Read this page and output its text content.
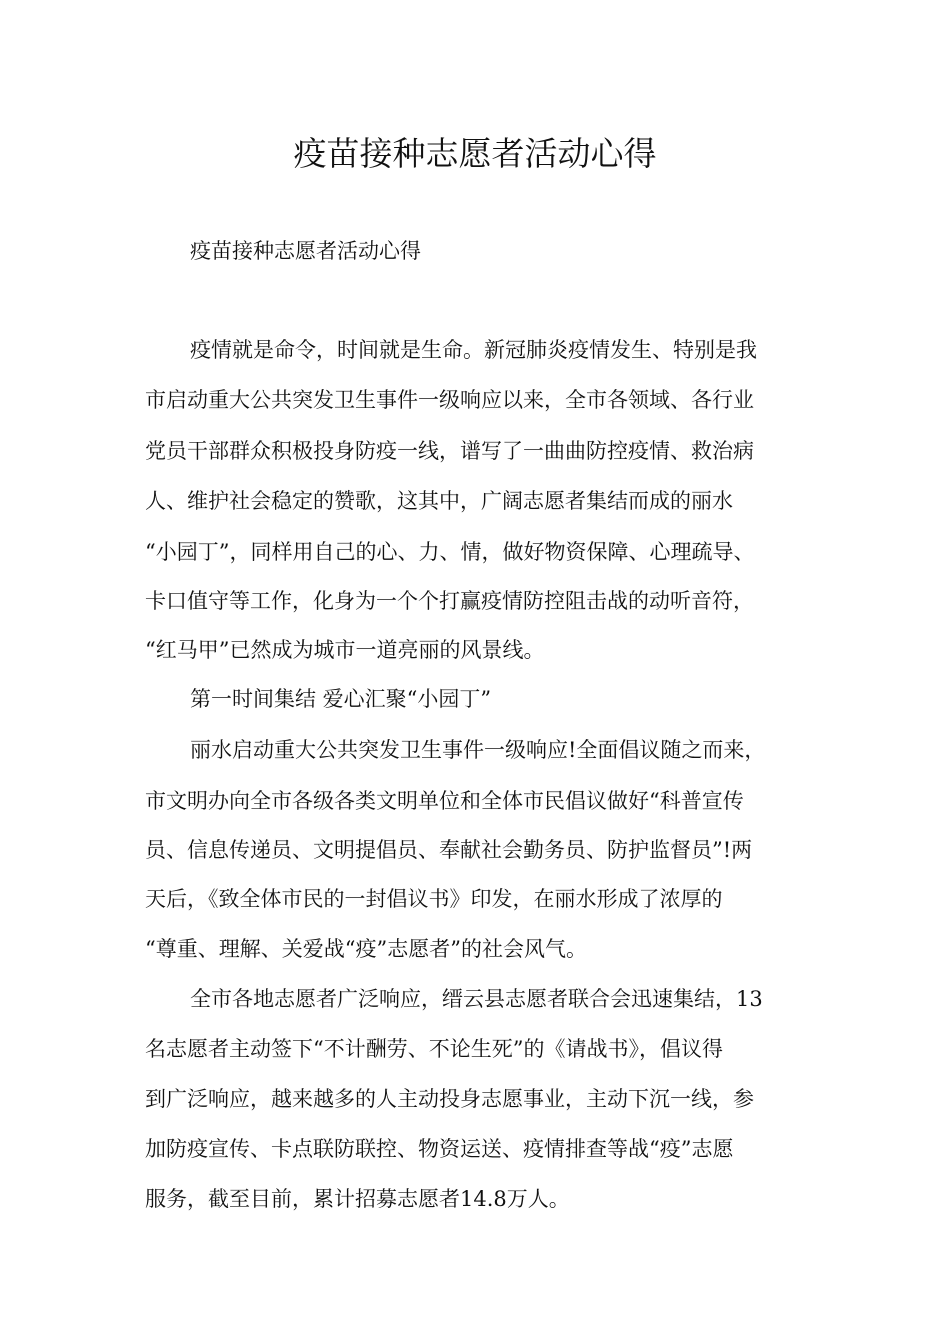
疫苗接种志愿者活动心得
疫苗接种志愿者活动心得
疫情就是命令，时间就是生命。新冠肺炎疫情发生、特别是我
市启动重大公共突发卫生事件一级响应以来，全市各领域、各行业
党员干部群众积极投身防疫一线，谱写了一曲曲防控疫情、救治病
人、维护社会稳定的赞歌，这其中，广阔志愿者集结而成的丽水
“小园丁”，同样用自己的心、力、情，做好物资保障、心理疏导、
卡口值守等工作，化身为一个个打赢疫情防控阻击战的动听音符，
“红马甲”已然成为城市一道亮丽的风景线。
第一时间集结 爱心汇聚“小园丁”
丽水启动重大公共突发卫生事件一级响应!全面倡议随之而来，
市文明办向全市各级各类文明单位和全体市民倡议做好“科普宣传
员、信息传递员、文明提倡员、奉献社会勤务员、防护监督员”!两
天后，《致全体市民的一封倡议书》印发，在丽水形成了浓厚的
“尊重、理解、关爱战“疫”志愿者”的社会风气。
全市各地志愿者广泛响应，缙云县志愿者联合会迅速集结，13
名志愿者主动签下“不计酬劳、不论生死”的《请战书》，倡议得
到广泛响应，越来越多的人主动投身志愿事业，主动下沉一线，参
加防疫宣传、卡点联防联控、物资运送、疫情排查等战“疫”志愿
服务，截至目前，累计招募志愿者14.8万人。
